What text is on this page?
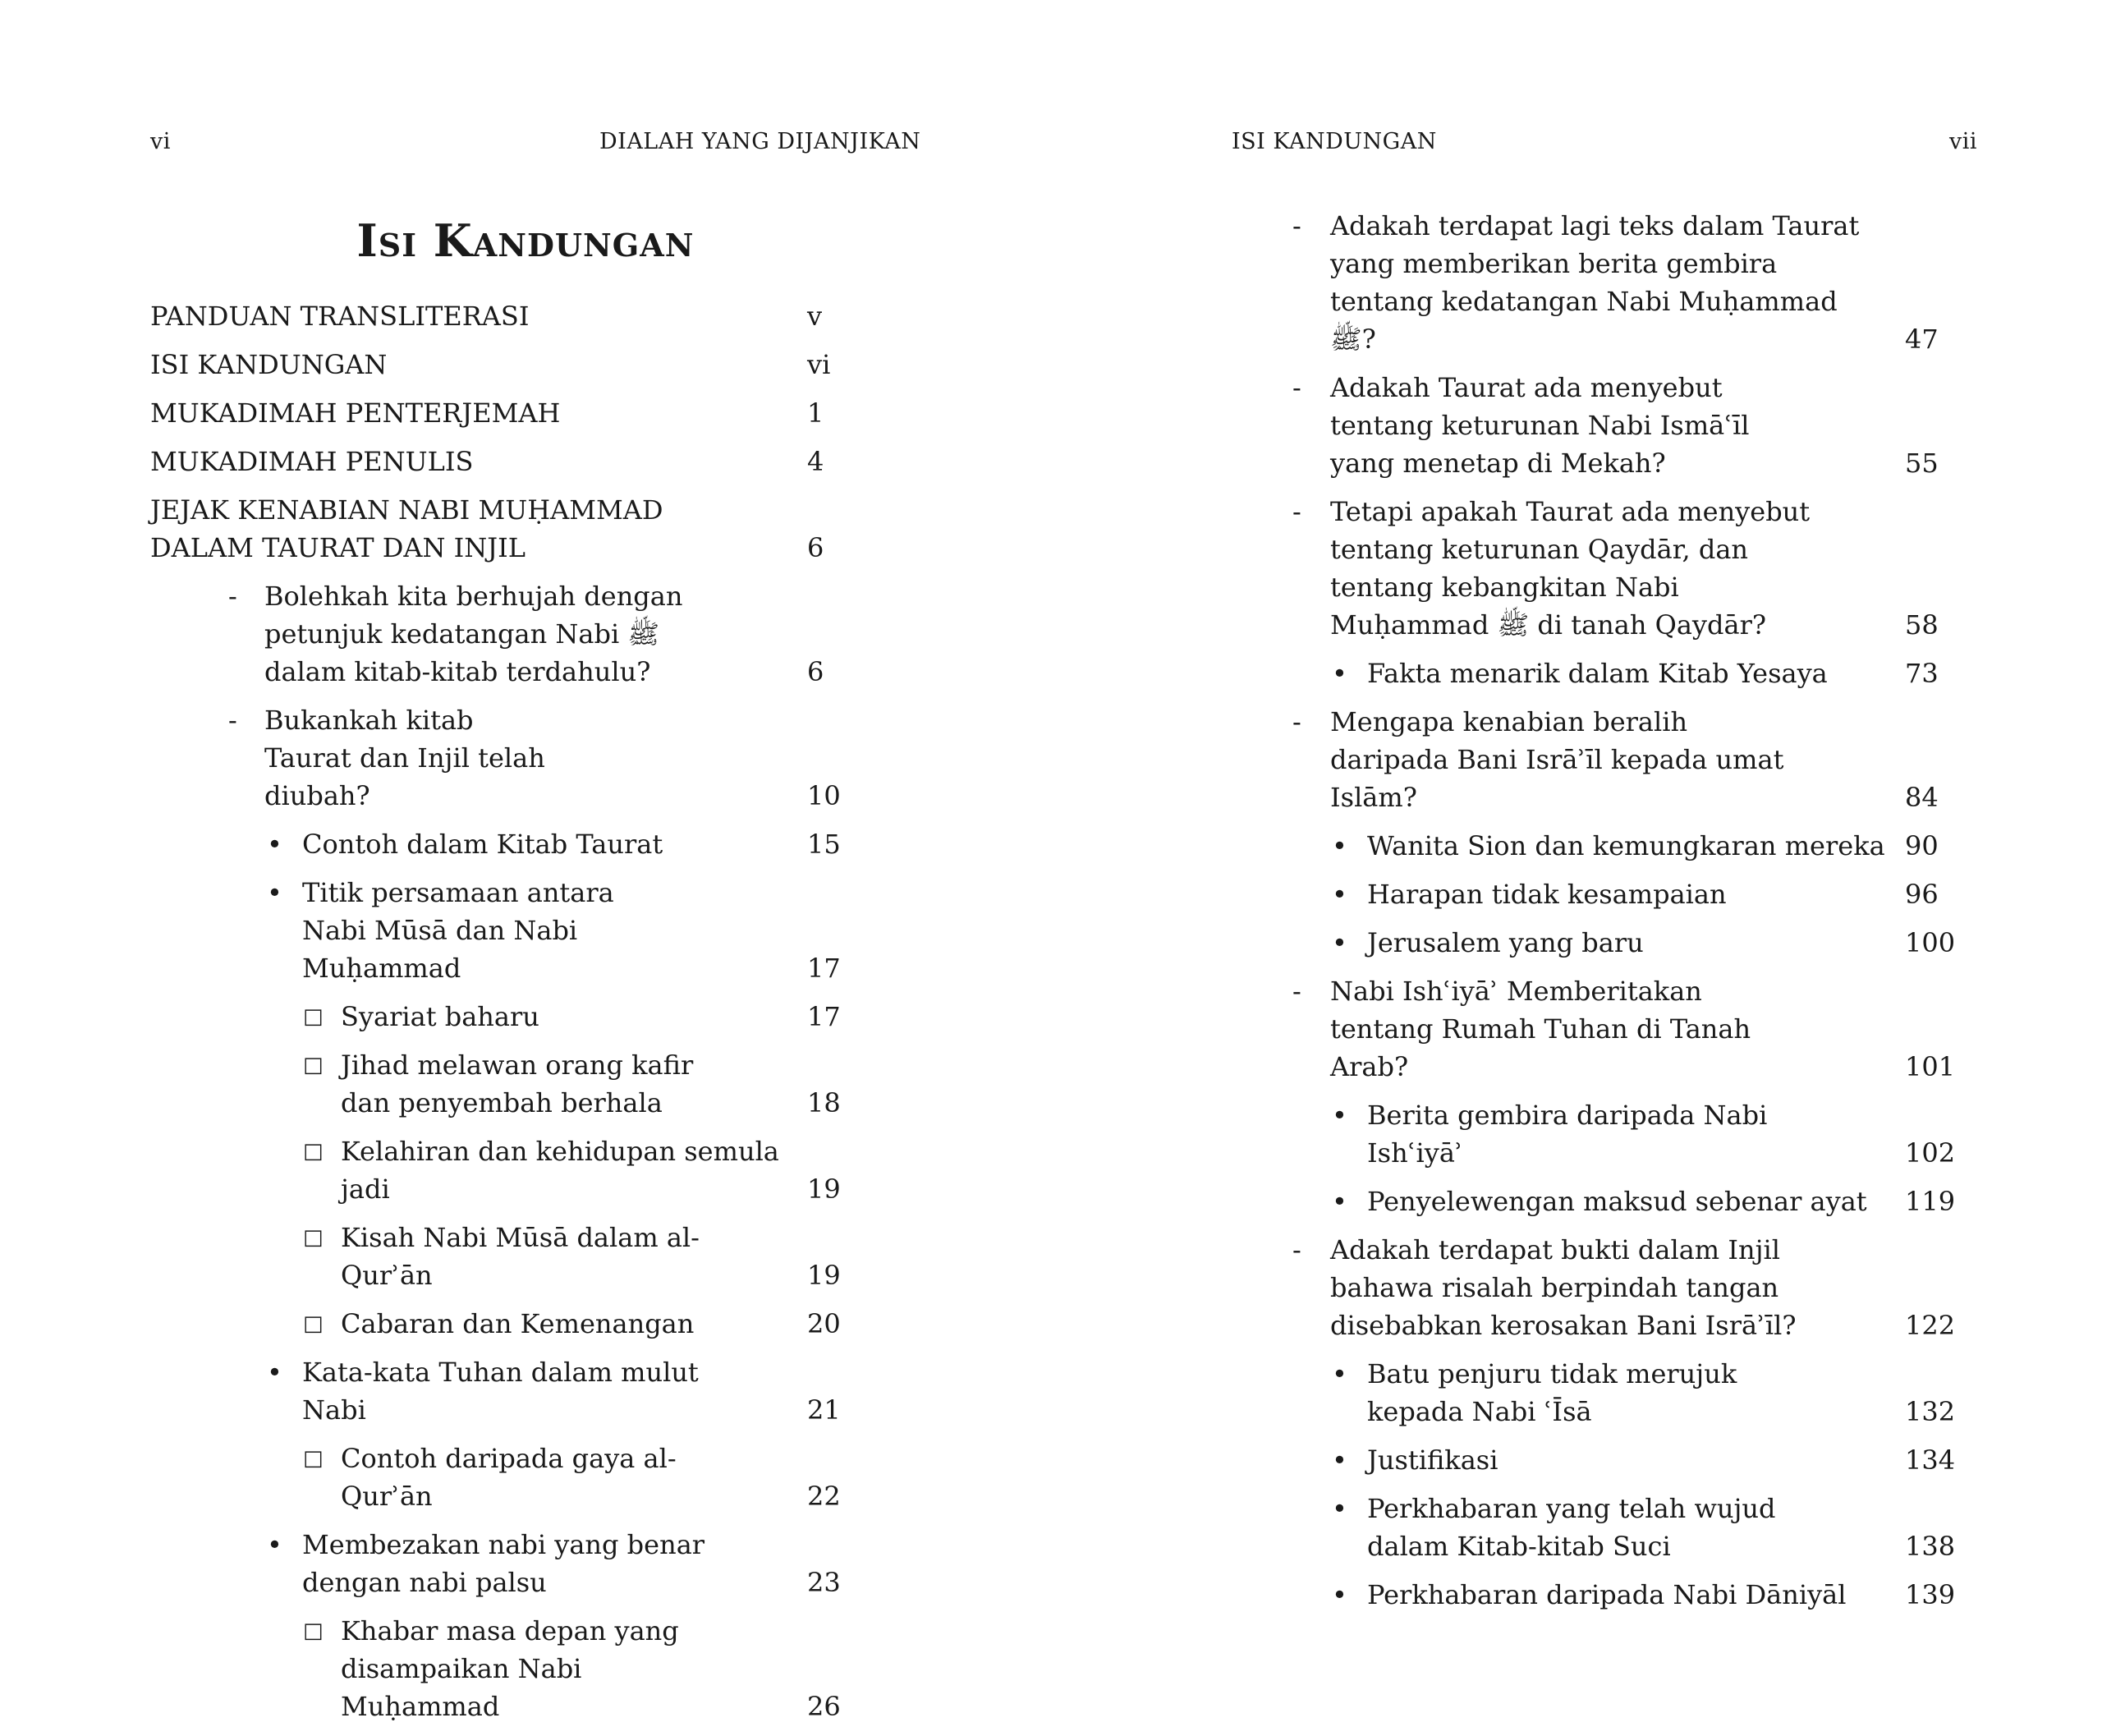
vi	DIALAH YANG DIJANJIKAN
Isi Kandungan
PANDUAN TRANSLITERASI	v
ISI KANDUNGAN	vi
MUKADIMAH PENTERJEMAH	1
MUKADIMAH PENULIS	4
JEJAK KENABIAN NABI MUḤAMMAD DALAM TAURAT DAN INJIL	6
- Bolehkah kita berhujah dengan petunjuk kedatangan Nabi ﷺ dalam kitab-kitab terdahulu?	6
- Bukankah kitab Taurat dan Injil telah diubah?	10
• Contoh dalam Kitab Taurat	15
• Titik persamaan antara Nabi Mūsā dan Nabi Muḥammad	17
□ Syariat baharu	17
□ Jihad melawan orang kafir dan penyembah berhala	18
□ Kelahiran dan kehidupan semula jadi	19
□ Kisah Nabi Mūsā dalam al-Qurʾān	19
□ Cabaran dan Kemenangan	20
• Kata-kata Tuhan dalam mulut Nabi	21
□ Contoh daripada gaya al-Qurʾān	22
• Membezakan nabi yang benar dengan nabi palsu	23
□ Khabar masa depan yang disampaikan Nabi Muḥammad	26
ISI KANDUNGAN	vii
- Adakah terdapat lagi teks dalam Taurat yang memberikan berita gembira tentang kedatangan Nabi Muḥammad ﷺ?	47
- Adakah Taurat ada menyebut tentang keturunan Nabi Ismāʿīl yang menetap di Mekah?	55
- Tetapi apakah Taurat ada menyebut tentang keturunan Qaydār, dan tentang kebangkitan Nabi Muḥammad ﷺ di tanah Qaydār?	58
• Fakta menarik dalam Kitab Yesaya	73
- Mengapa kenabian beralih daripada Bani Isrāʾīl kepada umat Islām?	84
• Wanita Sion dan kemungkaran mereka 90
• Harapan tidak kesampaian	96
• Jerusalem yang baru	100
- Nabi Ishʿiyāʾ Memberitakan tentang Rumah Tuhan di Tanah Arab?	101
• Berita gembira daripada Nabi Ishʿiyāʾ	102
• Penyelewengan maksud sebenar ayat	119
- Adakah terdapat bukti dalam Injil bahawa risalah berpindah tangan disebabkan kerosakan Bani Isrāʾīl?	122
• Batu penjuru tidak merujuk kepada Nabi ʿĪsā	132
• Justifikasi	134
• Perkhabaran yang telah wujud dalam Kitab-kitab Suci	138
• Perkhabaran daripada Nabi Dāniyāl	139
